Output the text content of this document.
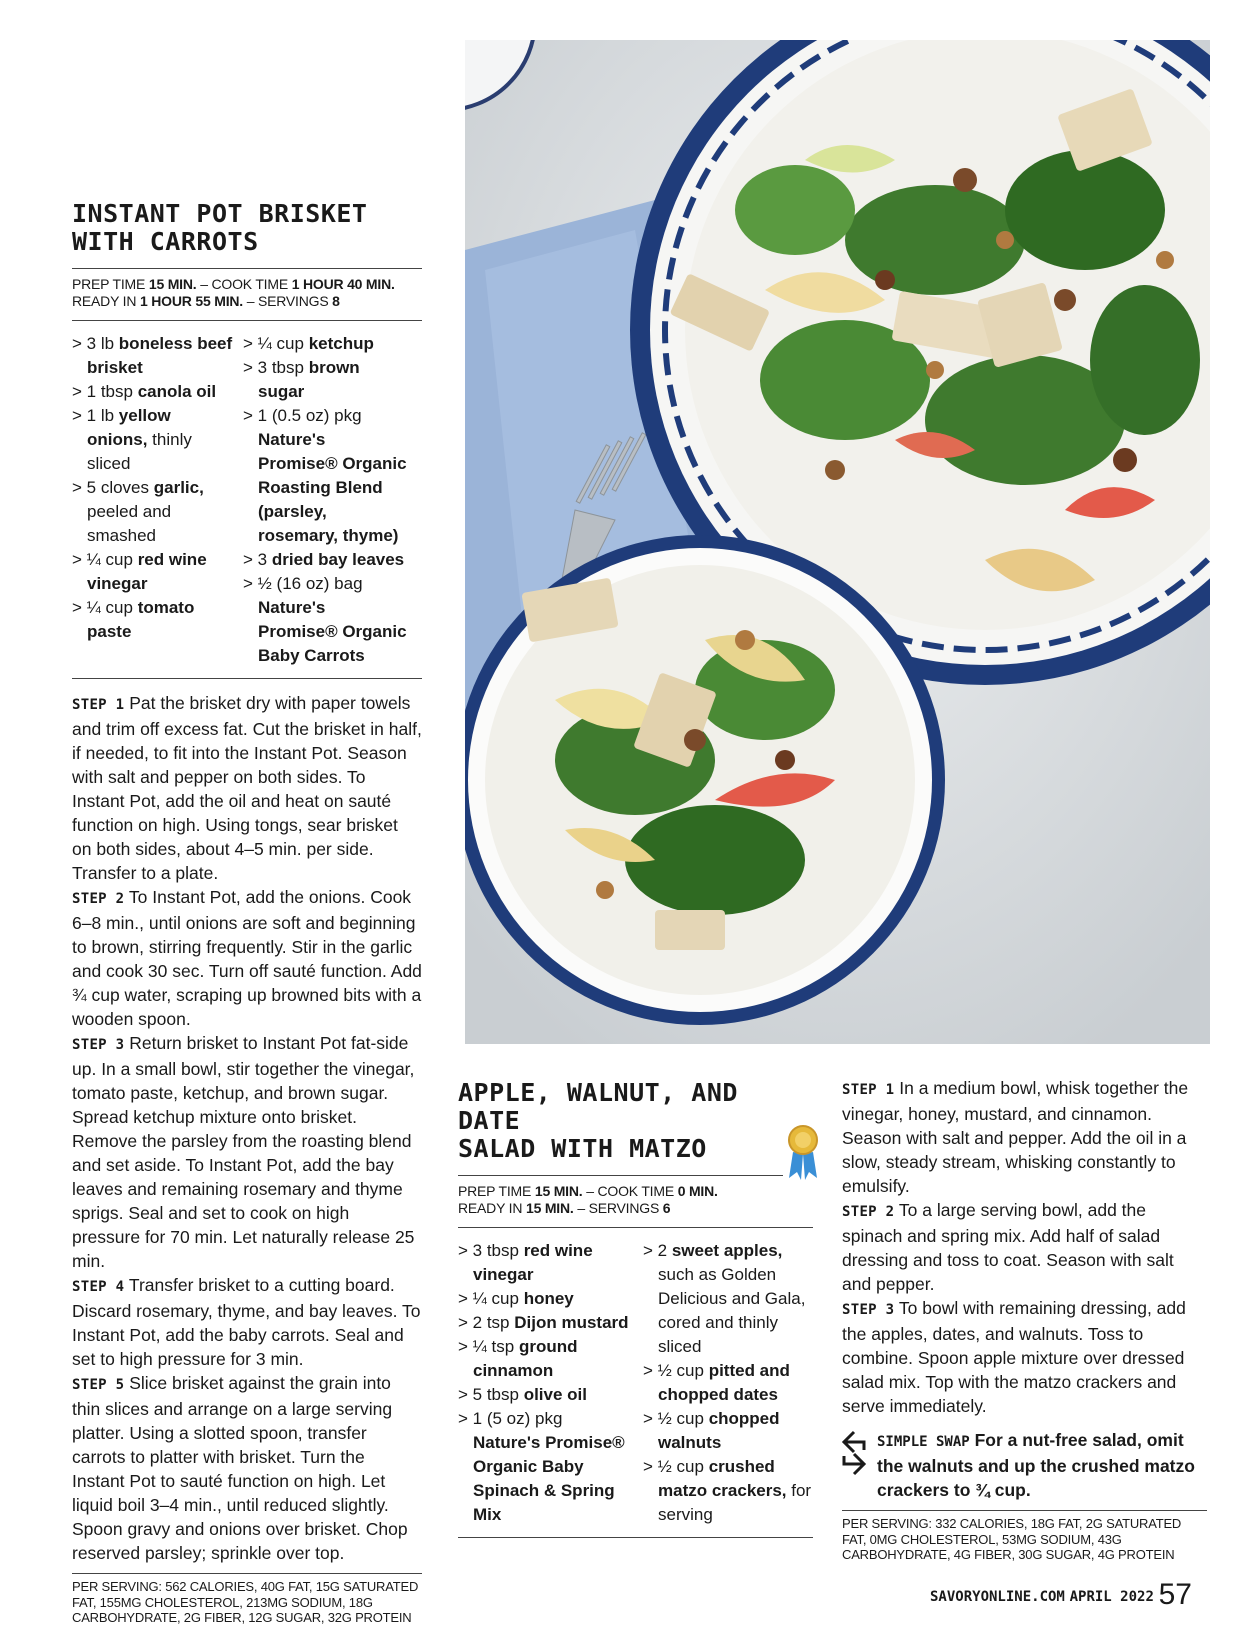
INSTANT POT BRISKET
WITH CARROTS
PREP TIME 15 MIN. – COOK TIME 1 HOUR 40 MIN.
READY IN 1 HOUR 55 MIN. – SERVINGS 8

> 3 lb boneless beef brisket

> 1 tbsp canola oil

> 1 lb yellow onions, thinly sliced

> 5 cloves garlic, peeled and smashed

> ¼ cup red wine vinegar

> ¼ cup tomato paste

> ¼ cup ketchup

> 3 tbsp brown sugar

> 1 (0.5 oz) pkg Nature's Promise® Organic Roasting Blend (parsley, rosemary, thyme)

> 3 dried bay leaves

> ½ (16 oz) bag Nature's Promise® Organic Baby Carrots

STEP 1 Pat the brisket dry with paper towels and trim off excess fat. Cut the brisket in half, if needed, to fit into the Instant Pot. Season with salt and pepper on both sides. To Instant Pot, add the oil and heat on sauté function on high. Using tongs, sear brisket on both sides, about 4–5 min. per side. Transfer to a plate.

STEP 2 To Instant Pot, add the onions. Cook 6–8 min., until onions are soft and beginning to brown, stirring frequently. Stir in the garlic and cook 30 sec. Turn off sauté function. Add ¾ cup water, scraping up browned bits with a wooden spoon.

STEP 3 Return brisket to Instant Pot fat-side up. In a small bowl, stir together the vinegar, tomato paste, ketchup, and brown sugar. Spread ketchup mixture onto brisket. Remove the parsley from the roasting blend and set aside. To Instant Pot, add the bay leaves and remaining rosemary and thyme sprigs. Seal and set to cook on high pressure for 70 min. Let naturally release 25 min.

STEP 4 Transfer brisket to a cutting board. Discard rosemary, thyme, and bay leaves. To Instant Pot, add the baby carrots. Seal and set to high pressure for 3 min.

STEP 5 Slice brisket against the grain into thin slices and arrange on a large serving platter. Using a slotted spoon, transfer carrots to platter with brisket. Turn the Instant Pot to sauté function on high. Let liquid boil 3–4 min., until reduced slightly. Spoon gravy and onions over brisket. Chop reserved parsley; sprinkle over top.

PER SERVING: 562 CALORIES, 40G FAT, 15G SATURATED FAT, 155MG CHOLESTEROL, 213MG SODIUM, 18G CARBOHYDRATE, 2G FIBER, 12G SUGAR, 32G PROTEIN
APPLE, WALNUT, AND DATE
SALAD WITH MATZO
PREP TIME 15 MIN. – COOK TIME 0 MIN.
READY IN 15 MIN. – SERVINGS 6

> 3 tbsp red wine vinegar

> ¼ cup honey

> 2 tsp Dijon mustard

> ¼ tsp ground cinnamon

> 5 tbsp olive oil

> 1 (5 oz) pkg Nature's Promise® Organic Baby Spinach & Spring Mix

> 2 sweet apples, such as Golden Delicious and Gala, cored and thinly sliced

> ½ cup pitted and chopped dates

> ½ cup chopped walnuts

> ½ cup crushed matzo crackers, for serving

STEP 1 In a medium bowl, whisk together the vinegar, honey, mustard, and cinnamon. Season with salt and pepper. Add the oil in a slow, steady stream, whisking constantly to emulsify.

STEP 2 To a large serving bowl, add the spinach and spring mix. Add half of salad dressing and toss to coat. Season with salt and pepper.

STEP 3 To bowl with remaining dressing, add the apples, dates, and walnuts. Toss to combine. Spoon apple mixture over dressed salad mix. Top with the matzo crackers and serve immediately.

SIMPLE SWAP For a nut-free salad, omit the walnuts and up the crushed matzo crackers to ¾ cup.
PER SERVING: 332 CALORIES, 18G FAT, 2G SATURATED FAT, 0MG CHOLESTEROL, 53MG SODIUM, 43G CARBOHYDRATE, 4G FIBER, 30G SUGAR, 4G PROTEIN
SAVORYONLINE.COM APRIL 2022 57
